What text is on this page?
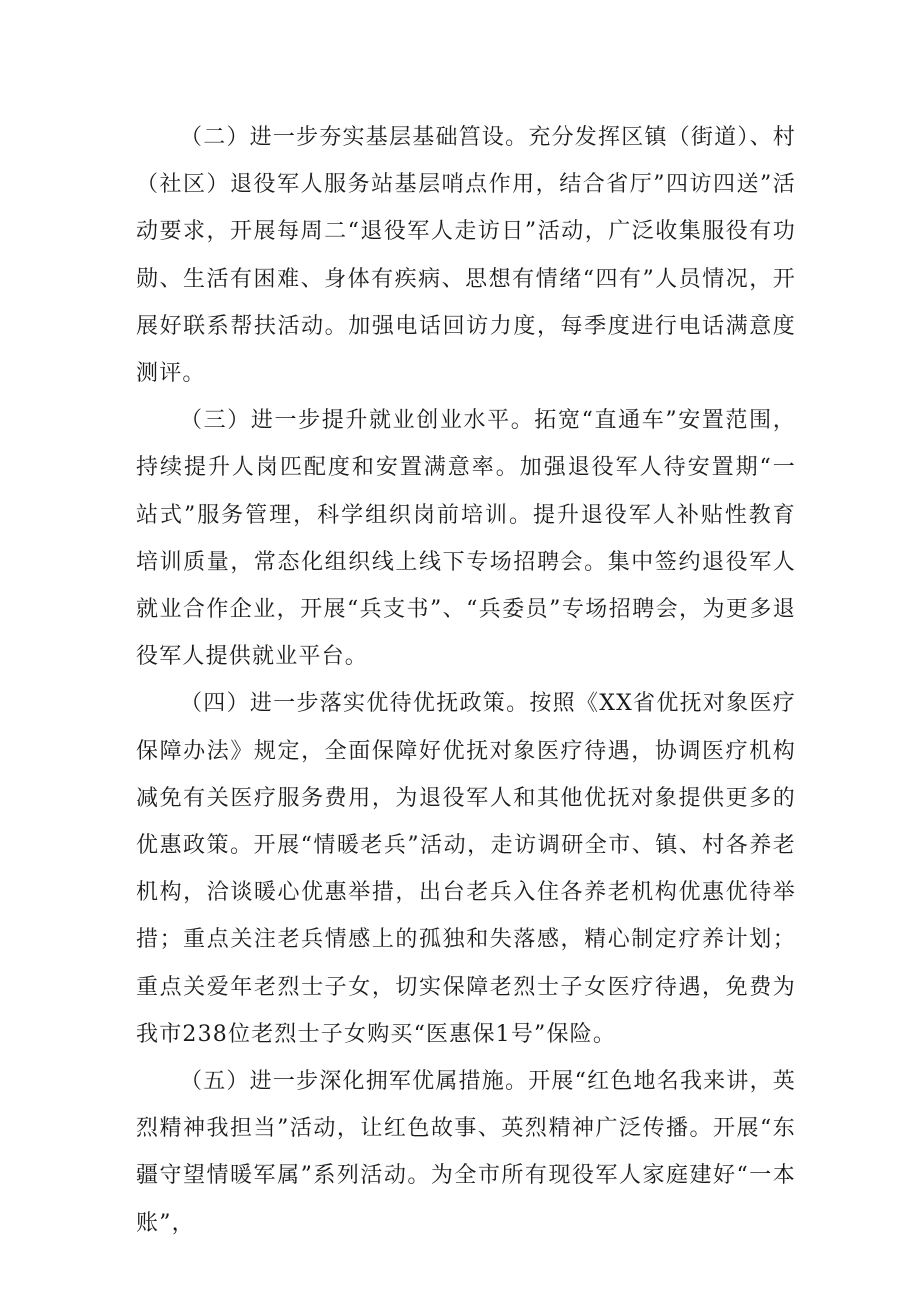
（二）进一步夯实基层基础筥设。充分发挥区镇（街道）、村（社区）退役军人服务站基层哨点作用，结合省厅”四访四送”活动要求，开展每周二“退役军人走访日”活动，广泛收集服役有功勋、生活有困难、身体有疾病、思想有情绪“四有”人员情况，开展好联系帮扶活动。加强电话回访力度，每季度进行电话满意度测评。

（三）进一步提升就业创业水平。拓宽“直通车”安置范围，持续提升人岗匹配度和安置满意率。加强退役军人待安置期“一站式”服务管理，科学组织岗前培训。提升退役军人补贴性教育培训质量，常态化组织线上线下专场招聘会。集中签约退役军人就业合作企业，开展“兵支书”、“兵委员”专场招聘会，为更多退役军人提供就业平台。

（四）进一步落实优待优抚政策。按照《XX省优抚对象医疗保障办法》规定，全面保障好优抚对象医疗待遇，协调医疗机构减免有关医疗服务费用，为退役军人和其他优抚对象提供更多的优惠政策。开展“情暖老兵”活动，走访调研全市、镇、村各养老机构，洽谈暖心优惠举措，出台老兵入住各养老机构优惠优待举措；重点关注老兵情感上的孤独和失落感，精心制定疗养计划；重点关爱年老烈士子女，切实保障老烈士子女医疗待遇，免费为我市238位老烈士子女购买“医惠保1号”保险。

（五）进一步深化拥军优属措施。开展“红色地名我来讲，英烈精神我担当”活动，让红色故事、英烈精神广泛传播。开展“东疆守望情暖军属”系列活动。为全市所有现役军人家庭建好“一本账”，
